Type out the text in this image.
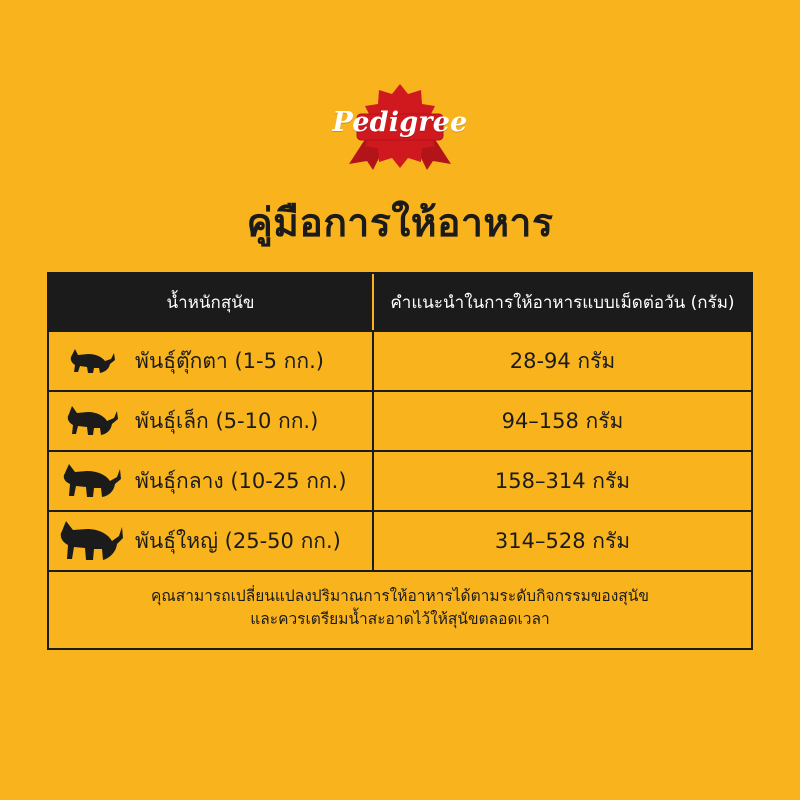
Pedigree
คู่มือการให้อาหาร
น้ำหนักสุนัข	คำแนะนำในการให้อาหารแบบเม็ดต่อวัน (กรัม)
พันธุ์ตุ๊กตา (1-5 กก.)	28-94 กรัม
พันธุ์เล็ก (5-10 กก.)	94–158 กรัม
พันธุ์กลาง (10-25 กก.)	158–314 กรัม
พันธุ์ใหญ่ (25-50 กก.)	314–528 กรัม
คุณสามารถเปลี่ยนแปลงปริมาณการให้อาหารได้ตามระดับกิจกรรมของสุนัข
และควรเตรียมน้ำสะอาดไว้ให้สุนัขตลอดเวลา
